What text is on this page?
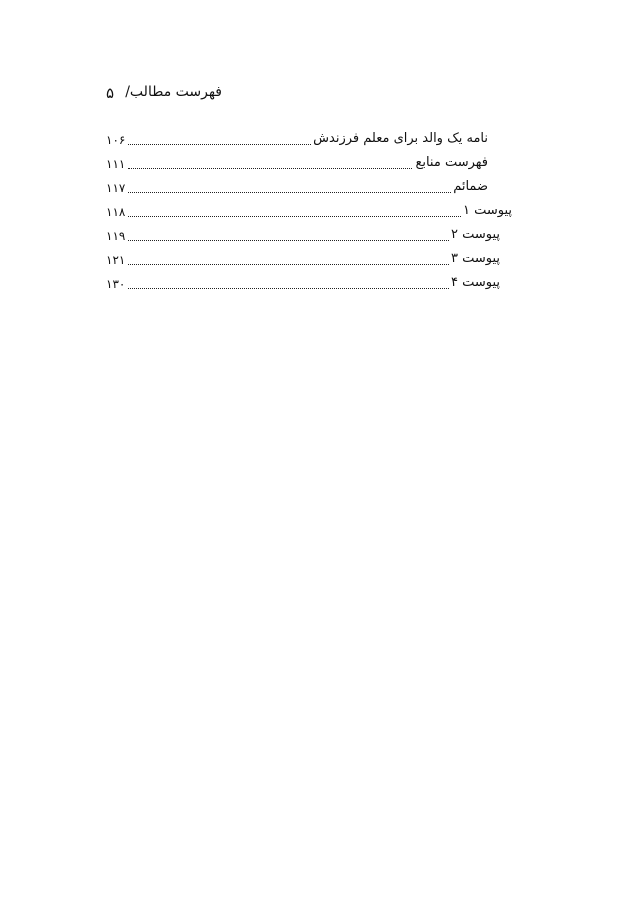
۵ فهرست مطالب/
نامه یک والد برای معلم فرزندش
۱۰۶
فهرست منابع
۱۱۱
ضمائم
۱۱۷
پیوست ۱
۱۱۸
پیوست ۲
۱۱۹
پیوست ۳
۱۲۱
پیوست ۴
۱۳۰
